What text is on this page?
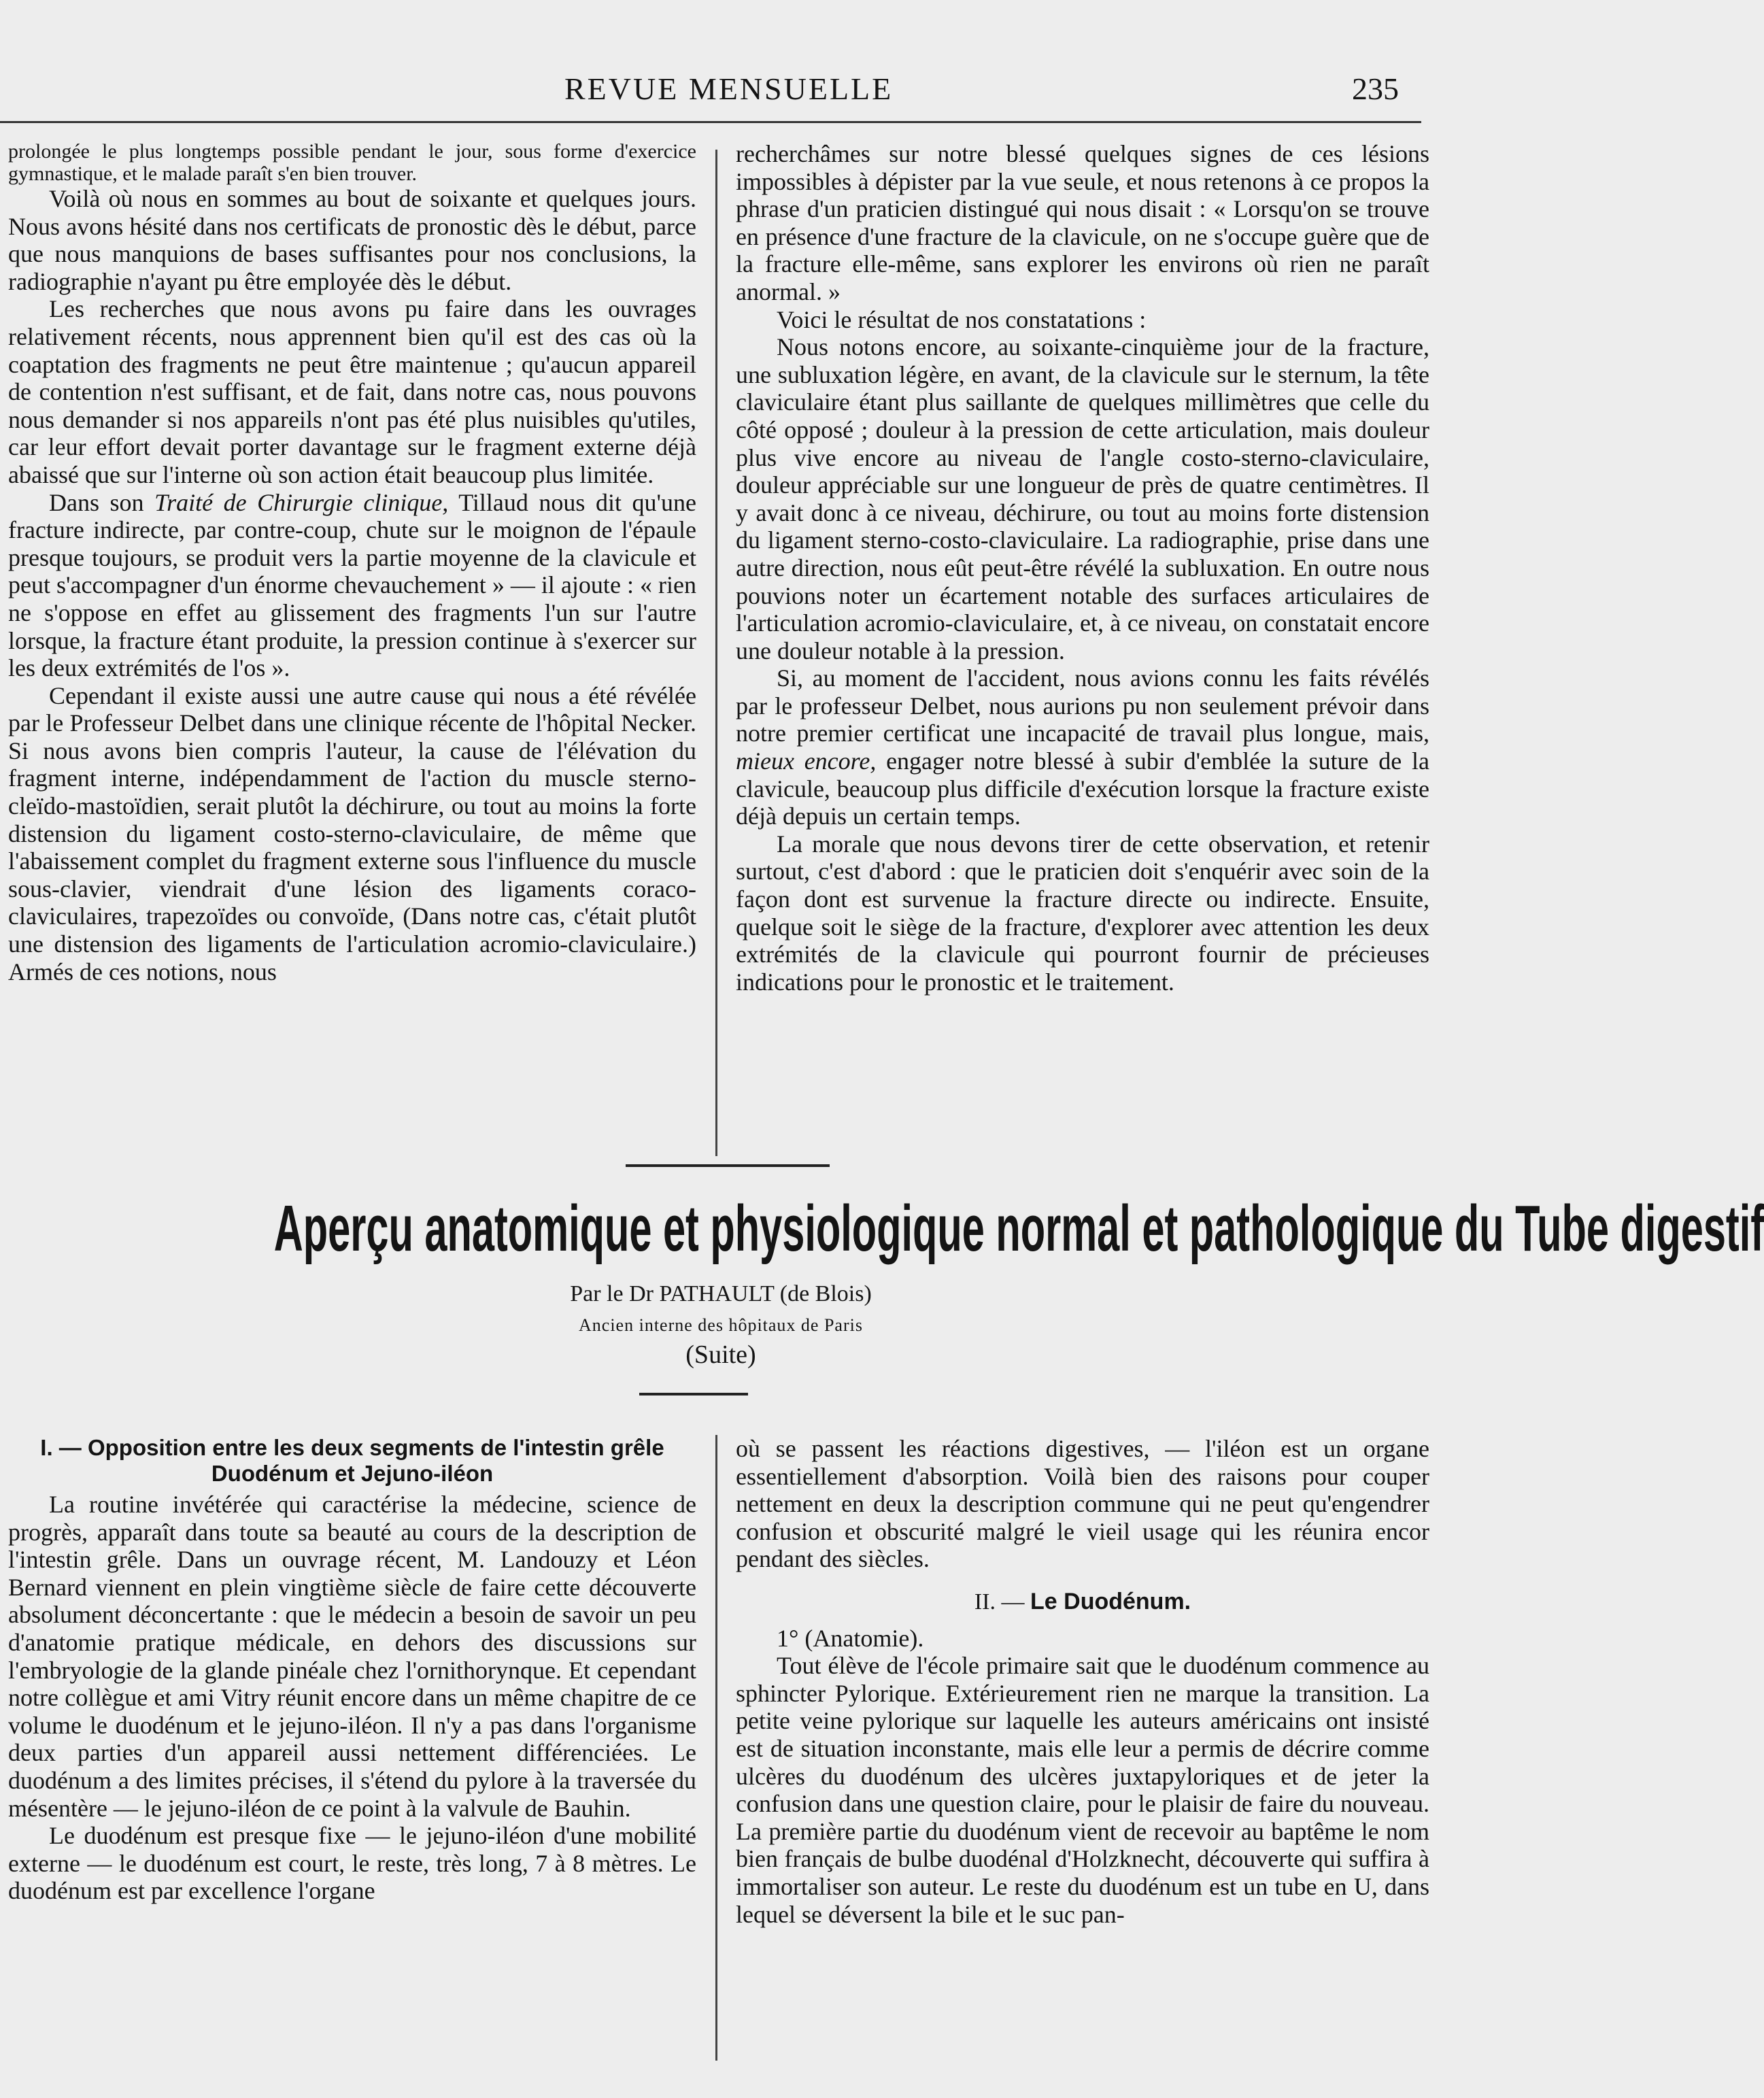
REVUE MENSUELLE	235

prolongée le plus longtemps possible pendant le jour, sous forme d'exercice gymnastique, et le malade paraît s'en bien trouver.

Voilà où nous en sommes au bout de soixante et quelques jours. Nous avons hésité dans nos certificats de pronostic dès le début, parce que nous manquions de bases suffisantes pour nos conclusions, la radiographie n'ayant pu être employée dès le début.

Les recherches que nous avons pu faire dans les ouvrages relativement récents, nous apprennent bien qu'il est des cas où la coaptation des fragments ne peut être maintenue ; qu'aucun appareil de contention n'est suffisant, et de fait, dans notre cas, nous pouvons nous demander si nos appareils n'ont pas été plus nuisibles qu'utiles, car leur effort devait porter davantage sur le fragment externe déjà abaissé que sur l'interne où son action était beaucoup plus limitée.

Dans son Traité de Chirurgie clinique, Tillaud nous dit qu'une fracture indirecte, par contre-coup, chute sur le moignon de l'épaule presque toujours, se produit vers la partie moyenne de la clavicule et peut s'accompagner d'un énorme chevauchement » — il ajoute : « rien ne s'oppose en effet au glissement des fragments l'un sur l'autre lorsque, la fracture étant produite, la pression continue à s'exercer sur les deux extrémités de l'os ».

Cependant il existe aussi une autre cause qui nous a été révélée par le Professeur Delbet dans une clinique récente de l'hôpital Necker. Si nous avons bien compris l'auteur, la cause de l'élévation du fragment interne, indépendamment de l'action du muscle sterno-cleïdo-mastoïdien, serait plutôt la déchirure, ou tout au moins la forte distension du ligament costo-sterno-claviculaire, de même que l'abaissement complet du fragment externe sous l'influence du muscle sous-clavier, viendrait d'une lésion des ligaments coraco-claviculaires, trapezoïdes ou convoïde, (Dans notre cas, c'était plutôt une distension des ligaments de l'articulation acromio-claviculaire.) Armés de ces notions, nous

recherchâmes sur notre blessé quelques signes de ces lésions impossibles à dépister par la vue seule, et nous retenons à ce propos la phrase d'un praticien distingué qui nous disait : « Lorsqu'on se trouve en présence d'une fracture de la clavicule, on ne s'occupe guère que de la fracture elle-même, sans explorer les environs où rien ne paraît anormal. »

Voici le résultat de nos constatations :

Nous notons encore, au soixante-cinquième jour de la fracture, une subluxation légère, en avant, de la clavicule sur le sternum, la tête claviculaire étant plus saillante de quelques millimètres que celle du côté opposé ; douleur à la pression de cette articulation, mais douleur plus vive encore au niveau de l'angle costo-sterno-claviculaire, douleur appréciable sur une longueur de près de quatre centimètres. Il y avait donc à ce niveau, déchirure, ou tout au moins forte distension du ligament sterno-costo-claviculaire. La radiographie, prise dans une autre direction, nous eût peut-être révélé la subluxation. En outre nous pouvions noter un écartement notable des surfaces articulaires de l'articulation acromio-claviculaire, et, à ce niveau, on constatait encore une douleur notable à la pression.

Si, au moment de l'accident, nous avions connu les faits révélés par le professeur Delbet, nous aurions pu non seulement prévoir dans notre premier certificat une incapacité de travail plus longue, mais, mieux encore, engager notre blessé à subir d'emblée la suture de la clavicule, beaucoup plus difficile d'exécution lorsque la fracture existe déjà depuis un certain temps.

La morale que nous devons tirer de cette observation, et retenir surtout, c'est d'abord : que le praticien doit s'enquérir avec soin de la façon dont est survenue la fracture directe ou indirecte. Ensuite, quelque soit le siège de la fracture, d'explorer avec attention les deux extrémités de la clavicule qui pourront fournir de précieuses indications pour le pronostic et le traitement.

Aperçu anatomique et physiologique normal et pathologique du Tube digestif
Par le Dr PATHAULT (de Blois)
Ancien interne des hôpitaux de Paris
(Suite)
I. — Opposition entre les deux segments de l'intestin grêle
Duodénum et Jejuno-iléon

La routine invétérée qui caractérise la médecine, science de progrès, apparaît dans toute sa beauté au cours de la description de l'intestin grêle. Dans un ouvrage récent, M. Landouzy et Léon Bernard viennent en plein vingtième siècle de faire cette découverte absolument déconcertante : que le médecin a besoin de savoir un peu d'anatomie pratique médicale, en dehors des discussions sur l'embryologie de la glande pinéale chez l'ornithorynque. Et cependant notre collègue et ami Vitry réunit encore dans un même chapitre de ce volume le duodénum et le jejuno-iléon. Il n'y a pas dans l'organisme deux parties d'un appareil aussi nettement différenciées. Le duodénum a des limites précises, il s'étend du pylore à la traversée du mésentère — le jejuno-iléon de ce point à la valvule de Bauhin.

Le duodénum est presque fixe — le jejuno-iléon d'une mobilité externe — le duodénum est court, le reste, très long, 7 à 8 mètres. Le duodénum est par excellence l'organe

où se passent les réactions digestives, — l'iléon est un organe essentiellement d'absorption. Voilà bien des raisons pour couper nettement en deux la description commune qui ne peut qu'engendrer confusion et obscurité malgré le vieil usage qui les réunira encor pendant des siècles.

II. — Le Duodénum.

1° (Anatomie).

Tout élève de l'école primaire sait que le duodénum commence au sphincter Pylorique. Extérieurement rien ne marque la transition. La petite veine pylorique sur laquelle les auteurs américains ont insisté est de situation inconstante, mais elle leur a permis de décrire comme ulcères du duodénum des ulcères juxtapyloriques et de jeter la confusion dans une question claire, pour le plaisir de faire du nouveau. La première partie du duodénum vient de recevoir au baptême le nom bien français de bulbe duodénal d'Holzknecht, découverte qui suffira à immortaliser son auteur. Le reste du duodénum est un tube en U, dans lequel se déversent la bile et le suc pan-
